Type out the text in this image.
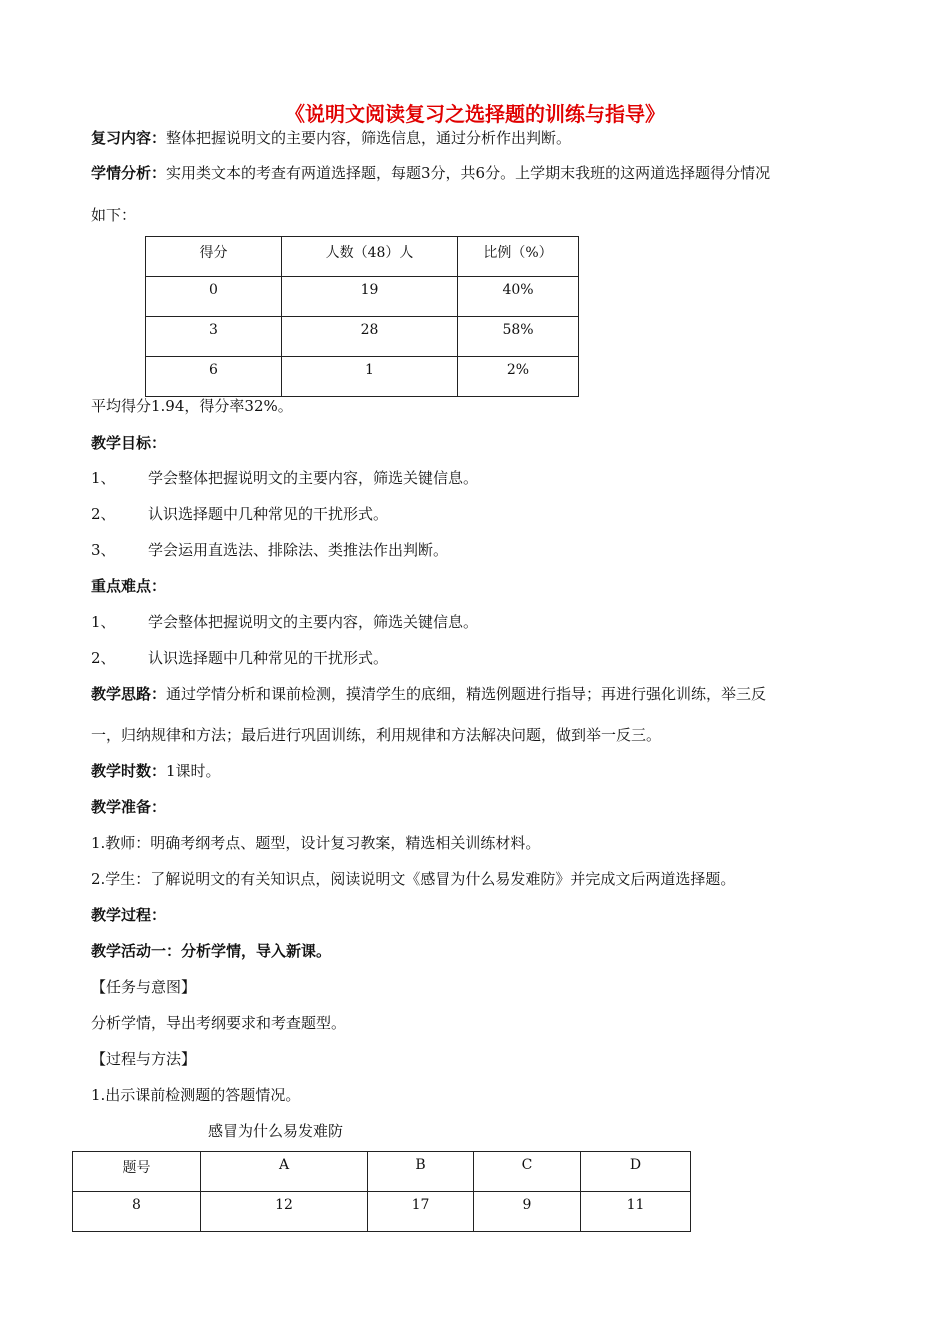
《说明文阅读复习之选择题的训练与指导》
复习内容：整体把握说明文的主要内容，筛选信息，通过分析作出判断。
学情分析：实用类文本的考查有两道选择题，每题3分，共6分。上学期末我班的这两道选择题得分情况
如下：
得分	人数（48）人	比例（%）
0	19	40%
3	28	58%
6	1	2%
平均得分1.94，得分率32%。
教学目标：
1、 学会整体把握说明文的主要内容，筛选关键信息。
2、 认识选择题中几种常见的干扰形式。
3、 学会运用直选法、排除法、类推法作出判断。
重点难点：
1、 学会整体把握说明文的主要内容，筛选关键信息。
2、 认识选择题中几种常见的干扰形式。
教学思路：通过学情分析和课前检测，摸清学生的底细，精选例题进行指导；再进行强化训练，举三反
一，归纳规律和方法；最后进行巩固训练，利用规律和方法解决问题，做到举一反三。
教学时数：1课时。
教学准备：
1.教师：明确考纲考点、题型，设计复习教案，精选相关训练材料。
2.学生：了解说明文的有关知识点，阅读说明文《感冒为什么易发难防》并完成文后两道选择题。
教学过程：
教学活动一：分析学情，导入新课。
【任务与意图】
分析学情，导出考纲要求和考查题型。
【过程与方法】
1.出示课前检测题的答题情况。
感冒为什么易发难防
题号	A	B	C	D
8	12	17	9	11
